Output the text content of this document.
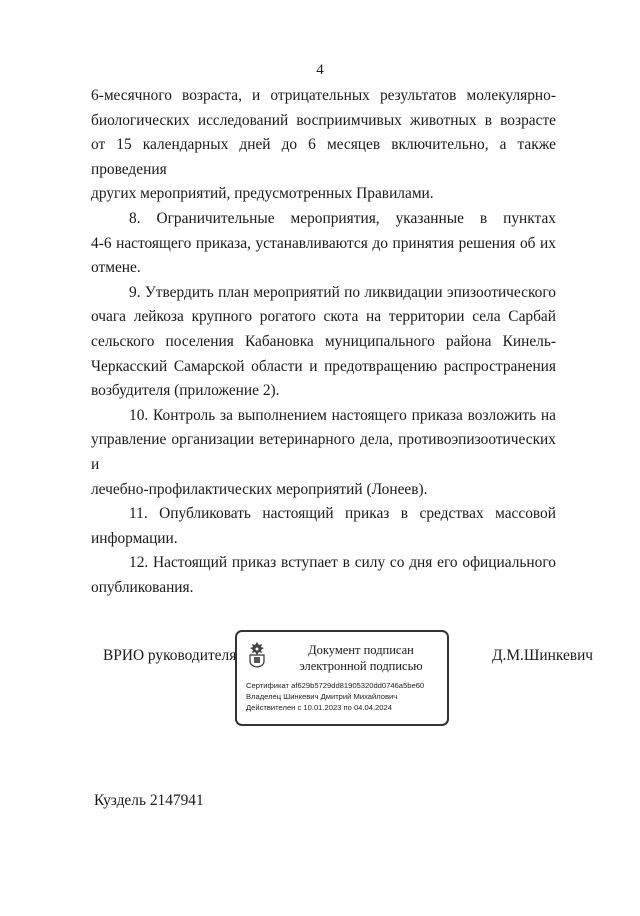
4

6-месячного возраста, и отрицательных результатов молекулярно-
биологических исследований восприимчивых животных в возрасте
от 15 календарных дней до 6 месяцев включительно, а также проведения
других мероприятий, предусмотренных Правилами.

8. Ограничительные мероприятия, указанные в пунктах
4-6 настоящего приказа, устанавливаются до принятия решения об их
отмене.

9. Утвердить план мероприятий по ликвидации эпизоотического
очага лейкоза крупного рогатого скота на территории села Сарбай
сельского поселения Кабановка муниципального района Кинель-
Черкасский Самарской области и предотвращению распространения
возбудителя (приложение 2).

10. Контроль за выполнением настоящего приказа возложить на
управление организации ветеринарного дела, противоэпизоотических и
лечебно-профилактических мероприятий (Лонеев).

11. Опубликовать настоящий приказ в средствах массовой
информации.

12. Настоящий приказ вступает в силу со дня его официального
опубликования.

ВРИО руководителя	Документ подписан
электронной подписью
Сертификат af629b5729dd81905320dd0746a5be60
Владелец Шинкевич Дмитрий Михайлович
Действителен с 10.01.2023 по 04.04.2024
Д.М.Шинкевич
Куздель 2147941
